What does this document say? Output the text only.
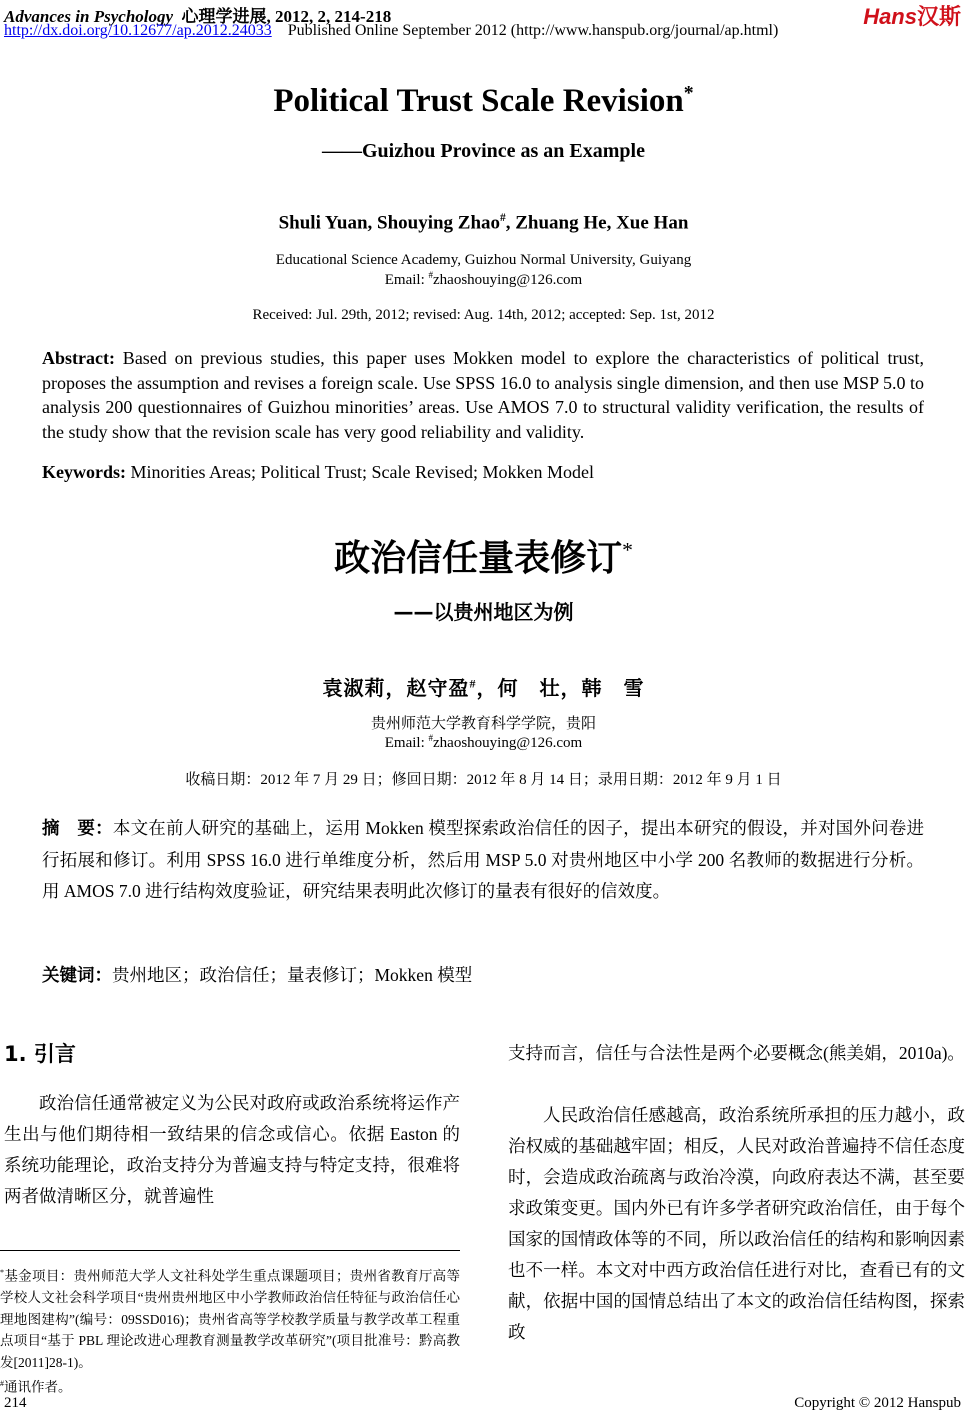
Advances in Psychology 心理学进展, 2012, 2, 214-218
http://dx.doi.org/10.12677/ap.2012.24033 Published Online September 2012 (http://www.hanspub.org/journal/ap.html)
Hans汉斯
Political Trust Scale Revision*
——Guizhou Province as an Example
Shuli Yuan, Shouying Zhao#, Zhuang He, Xue Han
Educational Science Academy, Guizhou Normal University, Guiyang
Email: #zhaoshouying@126.com
Received: Jul. 29th, 2012; revised: Aug. 14th, 2012; accepted: Sep. 1st, 2012
Abstract: Based on previous studies, this paper uses Mokken model to explore the characteristics of political trust, proposes the assumption and revises a foreign scale. Use SPSS 16.0 to analysis single dimension, and then use MSP 5.0 to analysis 200 questionnaires of Guizhou minorities’ areas. Use AMOS 7.0 to structural validity verification, the results of the study show that the revision scale has very good reliability and validity.
Keywords: Minorities Areas; Political Trust; Scale Revised; Mokken Model
政治信任量表修订*
——以贵州地区为例
袁淑莉，赵守盈#，何　壮，韩　雪
贵州师范大学教育科学学院，贵阳
Email: #zhaoshouying@126.com
收稿日期：2012 年 7 月 29 日；修回日期：2012 年 8 月 14 日；录用日期：2012 年 9 月 1 日
摘　要：本文在前人研究的基础上，运用 Mokken 模型探索政治信任的因子，提出本研究的假设，并对国外问卷进行拓展和修订。利用 SPSS 16.0 进行单维度分析，然后用 MSP 5.0 对贵州地区中小学 200 名教师的数据进行分析。用 AMOS 7.0 进行结构效度验证，研究结果表明此次修订的量表有很好的信效度。
关键词：贵州地区；政治信任；量表修订；Mokken 模型
1. 引言
政治信任通常被定义为公民对政府或政治系统将运作产生出与他们期待相一致结果的信念或信心。依据 Easton 的系统功能理论，政治支持分为普遍支持与特定支持，很难将两者做清晰区分，就普遍性
支持而言，信任与合法性是两个必要概念(熊美娟，2010a)。
人民政治信任感越高，政治系统所承担的压力越小，政治权威的基础越牢固；相反，人民对政治普遍持不信任态度时，会造成政治疏离与政治冷漠，向政府表达不满，甚至要求政策变更。国内外已有许多学者研究政治信任，由于每个国家的国情政体等的不同，所以政治信任的结构和影响因素也不一样。本文对中西方政治信任进行对比，查看已有的文献，依据中国的国情总结出了本文的政治信任结构图，探索政
*基金项目：贵州师范大学人文社科处学生重点课题项目；贵州省教育厅高等学校人文社会科学项目“贵州贵州地区中小学教师政治信任特征与政治信任心理地图建构”(编号：09SSD016)；贵州省高等学校教学质量与教学改革工程重点项目“基于 PBL 理论改进心理教育测量教学改革研究”(项目批准号：黔高教发[2011]28-1)。
#通讯作者。
214	Copyright © 2012 Hanspub
